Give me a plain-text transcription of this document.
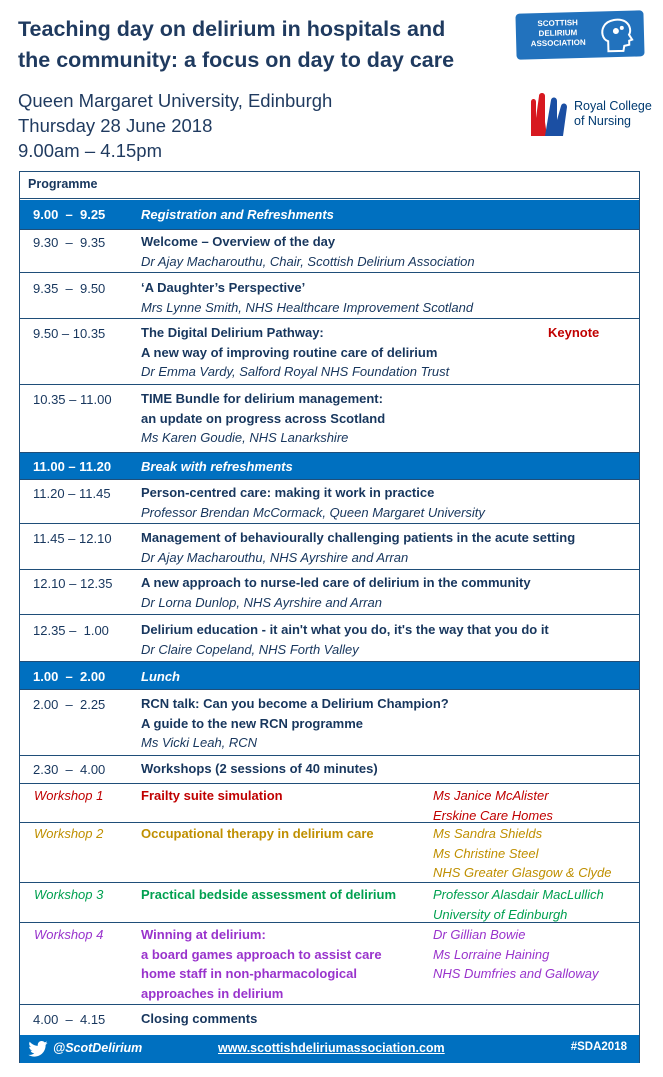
Teaching day on delirium in hospitals and
the community: a focus on day to day care
Queen Margaret University, Edinburgh
Thursday 28 June 2018
9.00am – 4.15pm
SCOTTISH
DELIRIUM
ASSOCIATION
Royal College
of Nursing
Programme
9.00  –  9.25	Registration and Refreshments
9.30  –  9.35	Welcome – Overview of the day
Dr Ajay Macharouthu, Chair, Scottish Delirium Association
9.35  –  9.50	‘A Daughter’s Perspective’
Mrs Lynne Smith, NHS Healthcare Improvement Scotland
9.50 – 10.35	The Digital Delirium Pathway:
A new way of improving routine care of delirium
Dr Emma Vardy, Salford Royal NHS Foundation Trust
Keynote
10.35 – 11.00 TIME Bundle for delirium management:
an update on progress across Scotland
Ms Karen Goudie, NHS Lanarkshire
11.00 – 11.20 Break with refreshments
11.20 – 11.45 Person-centred care: making it work in practice
Professor Brendan McCormack, Queen Margaret University
11.45 – 12.10 Management of behaviourally challenging patients in the acute setting
Dr Ajay Macharouthu, NHS Ayrshire and Arran
12.10 – 12.35 A new approach to nurse-led care of delirium in the community
Dr Lorna Dunlop, NHS Ayrshire and Arran
12.35 –  1.00 Delirium education - it ain't what you do, it's the way that you do it
Dr Claire Copeland, NHS Forth Valley
1.00  –  2.00	Lunch
2.00  –  2.25	RCN talk: Can you become a Delirium Champion?
A guide to the new RCN programme
Ms Vicki Leah, RCN
2.30  –  4.00	Workshops (2 sessions of 40 minutes)
Workshop 1	Frailty suite simulation	Ms Janice McAlister
Erskine Care Homes
Workshop 2	Occupational therapy in delirium care	Ms Sandra Shields
Ms Christine Steel
NHS Greater Glasgow & Clyde
Workshop 3	Practical bedside assessment of delirium	Professor Alasdair MacLullich
University of Edinburgh
Workshop 4	Winning at delirium:
a board games approach to assist care
home staff in non-pharmacological
approaches in delirium
Dr Gillian Bowie
Ms Lorraine Haining
NHS Dumfries and Galloway
4.00  –  4.15	Closing comments
@ScotDelirium	www.scottishdeliriumassociation.com	#SDA2018
